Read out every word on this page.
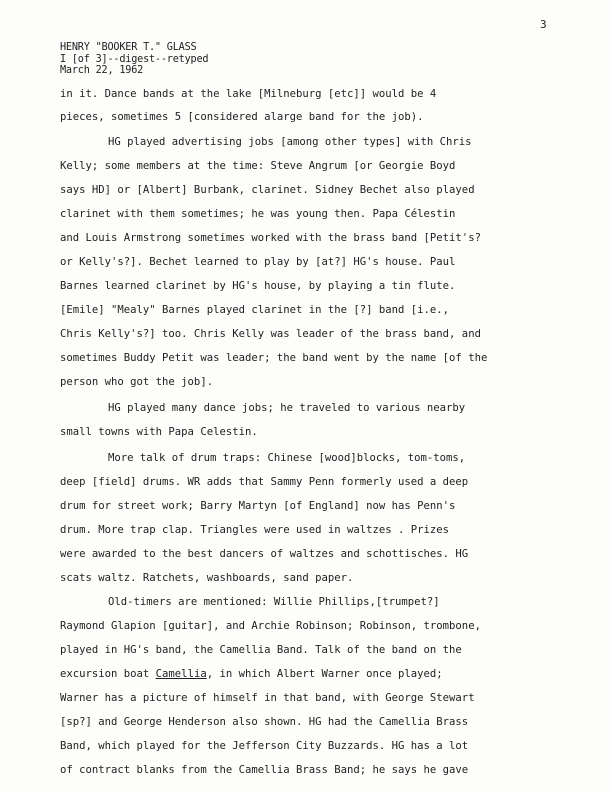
3
HENRY "BOOKER T." GLASS
I [of 3]--digest--retyped
March 22, 1962
in it. Dance bands at the lake [Milneburg [etc]] would be 4
pieces, sometimes 5 [considered alarge band for the job).
HG played advertising jobs [among other types] with Chris
Kelly; some members at the time: Steve Angrum [or Georgie Boyd
says HD] or [Albert] Burbank, clarinet. Sidney Bechet also played
clarinet with them sometimes; he was young then. Papa Célestin
and Louis Armstrong sometimes worked with the brass band [Petit's?
or Kelly's?]. Bechet learned to play by [at?] HG's house. Paul
Barnes learned clarinet by HG's house, by playing a tin flute.
[Emile] "Mealy" Barnes played clarinet in the [?] band [i.e.,
Chris Kelly's?] too. Chris Kelly was leader of the brass band, and
sometimes Buddy Petit was leader; the band went by the name [of the
person who got the job].
HG played many dance jobs; he traveled to various nearby
small towns with Papa Celestin.
More talk of drum traps: Chinese [wood]blocks, tom-toms,
deep [field] drums. WR adds that Sammy Penn formerly used a deep
drum for street work; Barry Martyn [of England] now has Penn's
drum. More trap clap. Triangles were used in waltzes . Prizes
were awarded to the best dancers of waltzes and schottisches. HG
scats waltz. Ratchets, washboards, sand paper.
Old-timers are mentioned: Willie Phillips,[trumpet?]
Raymond Glapion [guitar], and Archie Robinson; Robinson, trombone,
played in HG's band, the Camellia Band. Talk of the band on the
excursion boat Camellia, in which Albert Warner once played;
Warner has a picture of himself in that band, with George Stewart
[sp?] and George Henderson also shown. HG had the Camellia Brass
Band, which played for the Jefferson City Buzzards. HG has a lot
of contract blanks from the Camellia Brass Band; he says he gave
